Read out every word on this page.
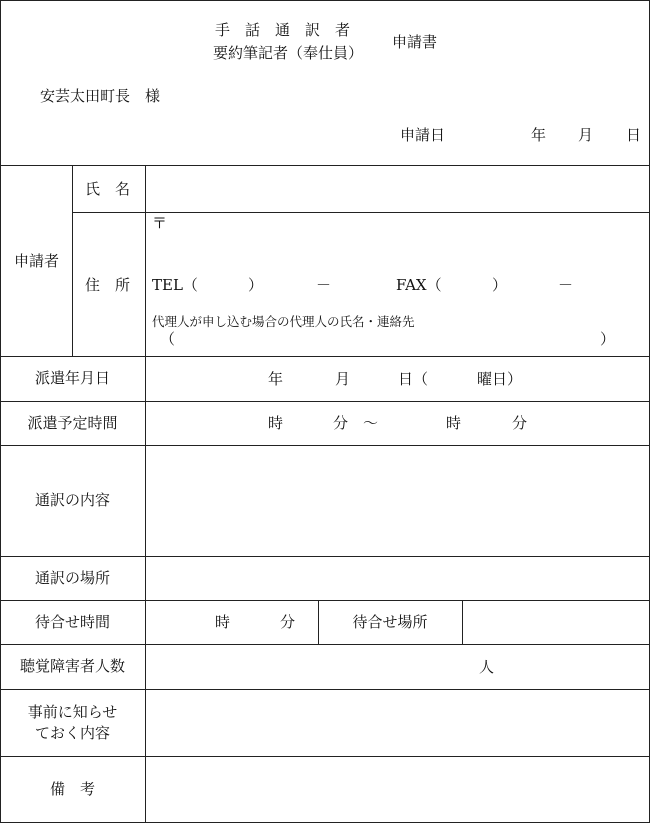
手　話　通　訳　者
要約筆記者（奉仕員）
申請書
安芸太田町長　様
申請日	年 月 日
申請者
氏　名
住　所
〒
TEL（	）	－	FAX（	）	－
代理人が申し込む場合の代理人の氏名・連絡先
（	）
派遣年月日	年	月	日（	曜日）
派遣予定時間	時	分　～	時	分
通訳の内容
通訳の場所
待合せ時間	時	分	待合せ場所
聴覚障害者人数	人
事前に知らせ
ておく内容
備　考
